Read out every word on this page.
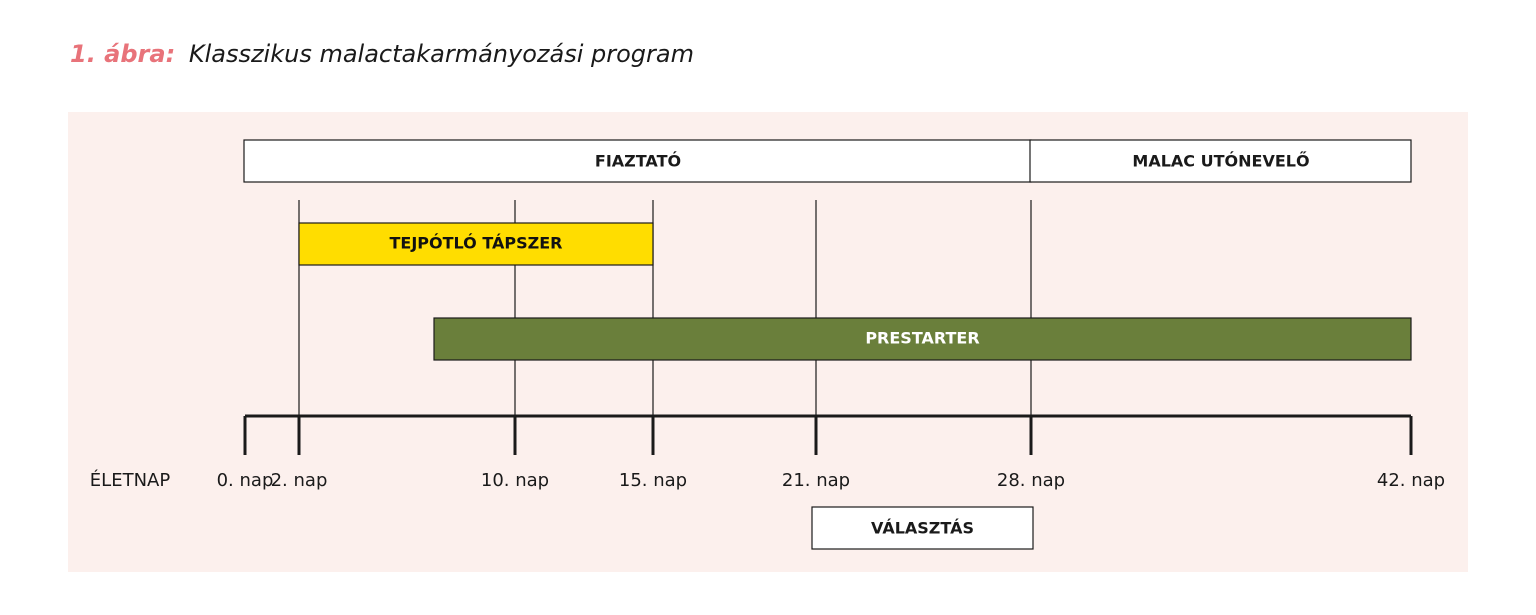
1. ábra: Klasszikus malactakarmányozási program
FIAZTATÓ	MALAC UTÓNEVELŐ
TEJPÓTLÓ TÁPSZER
PRESTARTER
0. nap
2. nap	10. nap	15. nap	21. nap	28. nap	42. nap
ÉLETNAP
VÁLASZTÁS
